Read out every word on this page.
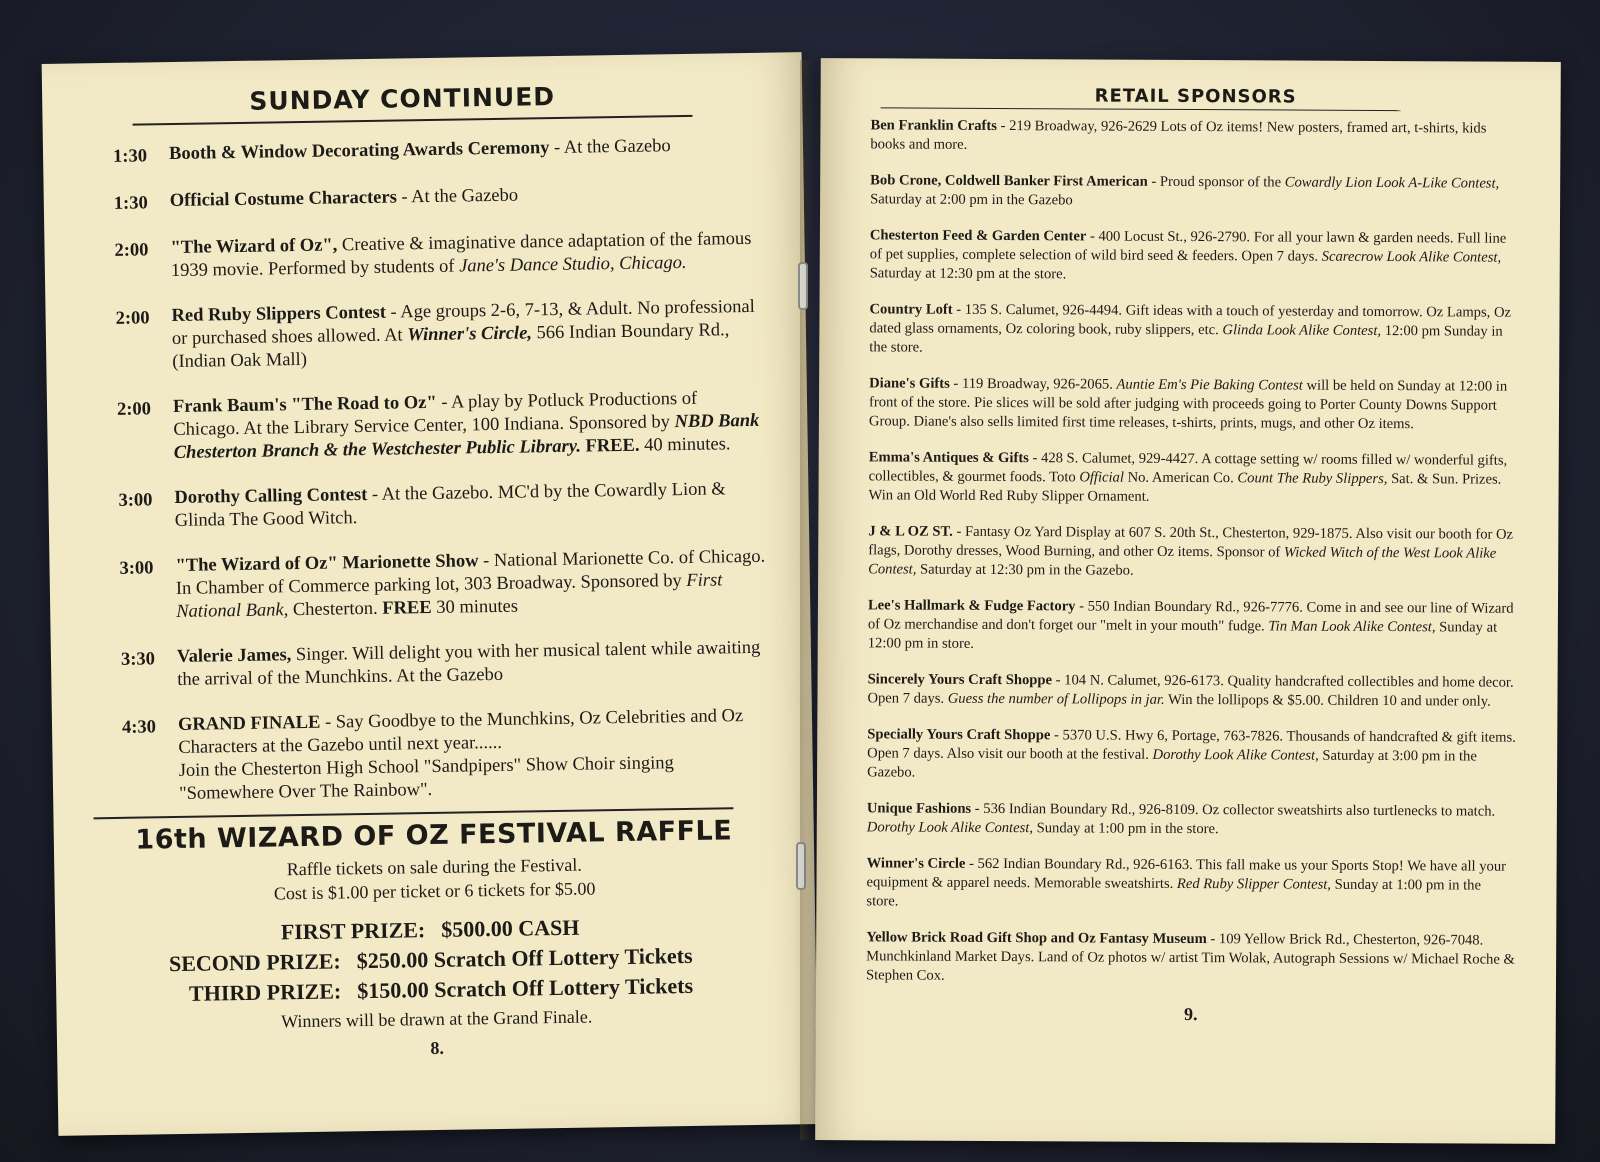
SUNDAY CONTINUED
1:30	Booth & Window Decorating Awards Ceremony - At the Gazebo
1:30	Official Costume Characters - At the Gazebo
2:00	"The Wizard of Oz", Creative & imaginative dance adaptation of the famous 1939 movie. Performed by students of Jane's Dance Studio, Chicago.
2:00	Red Ruby Slippers Contest - Age groups 2-6, 7-13, & Adult. No professional or purchased shoes allowed. At Winner's Circle, 566 Indian Boundary Rd., (Indian Oak Mall)
2:00	Frank Baum's "The Road to Oz" - A play by Potluck Productions of Chicago. At the Library Service Center, 100 Indiana. Sponsored by NBD Bank Chesterton Branch & the Westchester Public Library. FREE. 40 minutes.
3:00	Dorothy Calling Contest - At the Gazebo. MC'd by the Cowardly Lion & Glinda The Good Witch.
3:00	"The Wizard of Oz" Marionette Show - National Marionette Co. of Chicago. In Chamber of Commerce parking lot, 303 Broadway. Sponsored by First National Bank, Chesterton. FREE 30 minutes
3:30	Valerie James, Singer. Will delight you with her musical talent while awaiting the arrival of the Munchkins. At the Gazebo
4:30	GRAND FINALE - Say Goodbye to the Munchkins, Oz Celebrities and Oz Characters at the Gazebo until next year......
Join the Chesterton High School "Sandpipers" Show Choir singing "Somewhere Over The Rainbow".
16th WIZARD OF OZ FESTIVAL RAFFLE
Raffle tickets on sale during the Festival.
Cost is $1.00 per ticket or 6 tickets for $5.00
FIRST PRIZE: $500.00 CASH
SECOND PRIZE: $250.00 Scratch Off Lottery Tickets
THIRD PRIZE: $150.00 Scratch Off Lottery Tickets
Winners will be drawn at the Grand Finale.
8.
RETAIL SPONSORS
Ben Franklin Crafts - 219 Broadway, 926-2629 Lots of Oz items! New posters, framed art, t-shirts, kids books and more.
Bob Crone, Coldwell Banker First American - Proud sponsor of the Cowardly Lion Look A-Like Contest, Saturday at 2:00 pm in the Gazebo
Chesterton Feed & Garden Center - 400 Locust St., 926-2790. For all your lawn & garden needs. Full line of pet supplies, complete selection of wild bird seed & feeders. Open 7 days. Scarecrow Look Alike Contest, Saturday at 12:30 pm at the store.
Country Loft - 135 S. Calumet, 926-4494. Gift ideas with a touch of yesterday and tomorrow. Oz Lamps, Oz dated glass ornaments, Oz coloring book, ruby slippers, etc. Glinda Look Alike Contest, 12:00 pm Sunday in the store.
Diane's Gifts - 119 Broadway, 926-2065. Auntie Em's Pie Baking Contest will be held on Sunday at 12:00 in front of the store. Pie slices will be sold after judging with proceeds going to Porter County Downs Support Group. Diane's also sells limited first time releases, t-shirts, prints, mugs, and other Oz items.
Emma's Antiques & Gifts - 428 S. Calumet, 929-4427. A cottage setting w/ rooms filled w/ wonderful gifts, collectibles, & gourmet foods. Toto Official No. American Co. Count The Ruby Slippers, Sat. & Sun. Prizes. Win an Old World Red Ruby Slipper Ornament.
J & L OZ ST. - Fantasy Oz Yard Display at 607 S. 20th St., Chesterton, 929-1875. Also visit our booth for Oz flags, Dorothy dresses, Wood Burning, and other Oz items. Sponsor of Wicked Witch of the West Look Alike Contest, Saturday at 12:30 pm in the Gazebo.
Lee's Hallmark & Fudge Factory - 550 Indian Boundary Rd., 926-7776. Come in and see our line of Wizard of Oz merchandise and don't forget our "melt in your mouth" fudge. Tin Man Look Alike Contest, Sunday at 12:00 pm in store.
Sincerely Yours Craft Shoppe - 104 N. Calumet, 926-6173. Quality handcrafted collectibles and home decor. Open 7 days. Guess the number of Lollipops in jar. Win the lollipops & $5.00. Children 10 and under only.
Specially Yours Craft Shoppe - 5370 U.S. Hwy 6, Portage, 763-7826. Thousands of handcrafted & gift items. Open 7 days. Also visit our booth at the festival. Dorothy Look Alike Contest, Saturday at 3:00 pm in the Gazebo.
Unique Fashions - 536 Indian Boundary Rd., 926-8109. Oz collector sweatshirts also turtlenecks to match. Dorothy Look Alike Contest, Sunday at 1:00 pm in the store.
Winner's Circle - 562 Indian Boundary Rd., 926-6163. This fall make us your Sports Stop! We have all your equipment & apparel needs. Memorable sweatshirts. Red Ruby Slipper Contest, Sunday at 1:00 pm in the store.
Yellow Brick Road Gift Shop and Oz Fantasy Museum - 109 Yellow Brick Rd., Chesterton, 926-7048. Munchkinland Market Days. Land of Oz photos w/ artist Tim Wolak, Autograph Sessions w/ Michael Roche & Stephen Cox.
9.
